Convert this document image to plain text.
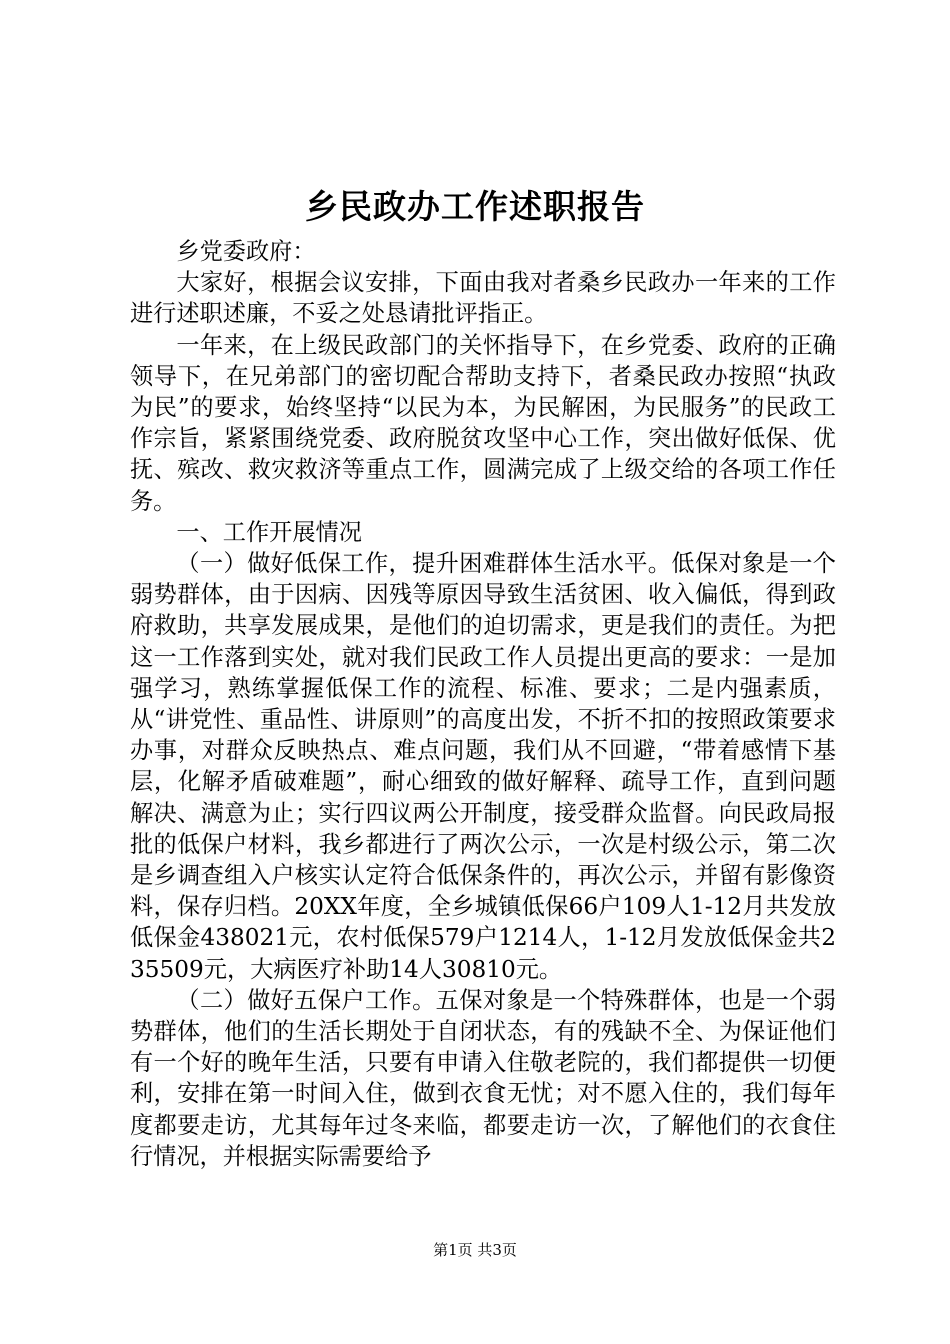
乡民政办工作述职报告

乡党委政府：

大家好，根据会议安排，下面由我对者桑乡民政办一年来的工作进行述职述廉，不妥之处恳请批评指正。

一年来，在上级民政部门的关怀指导下，在乡党委、政府的正确领导下，在兄弟部门的密切配合帮助支持下，者桑民政办按照“执政为民”的要求，始终坚持“以民为本，为民解困，为民服务”的民政工作宗旨，紧紧围绕党委、政府脱贫攻坚中心工作，突出做好低保、优抚、殡改、救灾救济等重点工作，圆满完成了上级交给的各项工作任务。

一、工作开展情况

（一）做好低保工作，提升困难群体生活水平。低保对象是一个弱势群体，由于因病、因残等原因导致生活贫困、收入偏低，得到政府救助，共享发展成果，是他们的迫切需求，更是我们的责任。为把这一工作落到实处，就对我们民政工作人员提出更高的要求：一是加强学习，熟练掌握低保工作的流程、标准、要求；二是内强素质，从“讲党性、重品性、讲原则”的高度出发，不折不扣的按照政策要求办事，对群众反映热点、难点问题，我们从不回避，“带着感情下基层，化解矛盾破难题”，耐心细致的做好解释、疏导工作，直到问题解决、满意为止；实行四议两公开制度，接受群众监督。向民政局报批的低保户材料，我乡都进行了两次公示，一次是村级公示，第二次是乡调查组入户核实认定符合低保条件的，再次公示，并留有影像资料，保存归档。20XX年度，全乡城镇低保66户109人1-12月共发放低保金438021元，农村低保579户1214人，1-12月发放低保金共235509元，大病医疗补助14人30810元。

（二）做好五保户工作。五保对象是一个特殊群体，也是一个弱势群体，他们的生活长期处于自闭状态，有的残缺不全、为保证他们有一个好的晚年生活，只要有申请入住敬老院的，我们都提供一切便利，安排在第一时间入住，做到衣食无忧；对不愿入住的，我们每年度都要走访，尤其每年过冬来临，都要走访一次，了解他们的衣食住行情况，并根据实际需要给予

第1页 共3页
